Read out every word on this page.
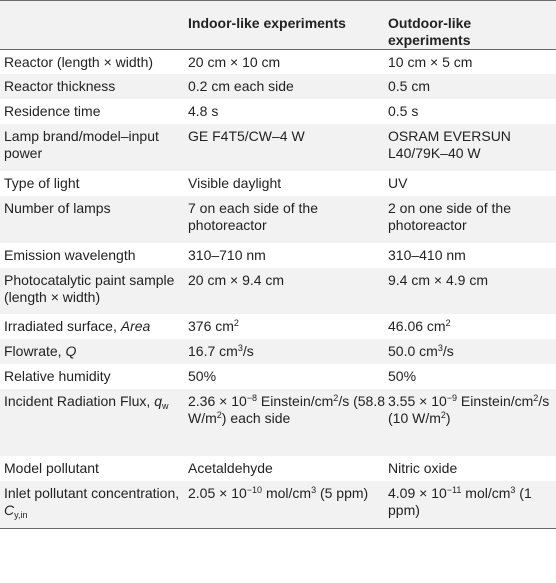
	Indoor-like experiments	Outdoor-like experiments

Reactor (length × width)	20 cm × 10 cm	10 cm × 5 cm

Reactor thickness	0.2 cm each side	0.5 cm

Residence time	4.8 s	0.5 s

Lamp brand/model–input power	GE F4T5/CW–4 W	OSRAM EVERSUN L40/79K–40 W

Type of light	Visible daylight	UV

Number of lamps	7 on each side of the photoreactor	2 on one side of the photoreactor

Emission wavelength	310–710 nm	310–410 nm

Photocatalytic paint sample (length × width)	20 cm × 9.4 cm	9.4 cm × 4.9 cm

Irradiated surface, Area	376 $cm^2$	46.06 $cm^2$

Flowrate, Q	16.7 $cm^3/s$	50.0 $cm^3/s$

Relative humidity	50%	50%

Incident Radiation Flux, $q_w$	$2.36 \times 10^{-8}$ Einstein/$cm^2/s$ (58.8 $W/m^2$) each side	$3.55 \times 10^{-9}$ Einstein/$cm^2/s$ (10 $W/m^2$)

Model pollutant	Acetaldehyde	Nitric oxide

Inlet pollutant concentration, $C_{y,in}$	$2.05 \times 10^{-10}$ mol/$cm^3$ (5 ppm)	$4.09 \times 10^{-11}$ mol/$cm^3$ (1 ppm)
